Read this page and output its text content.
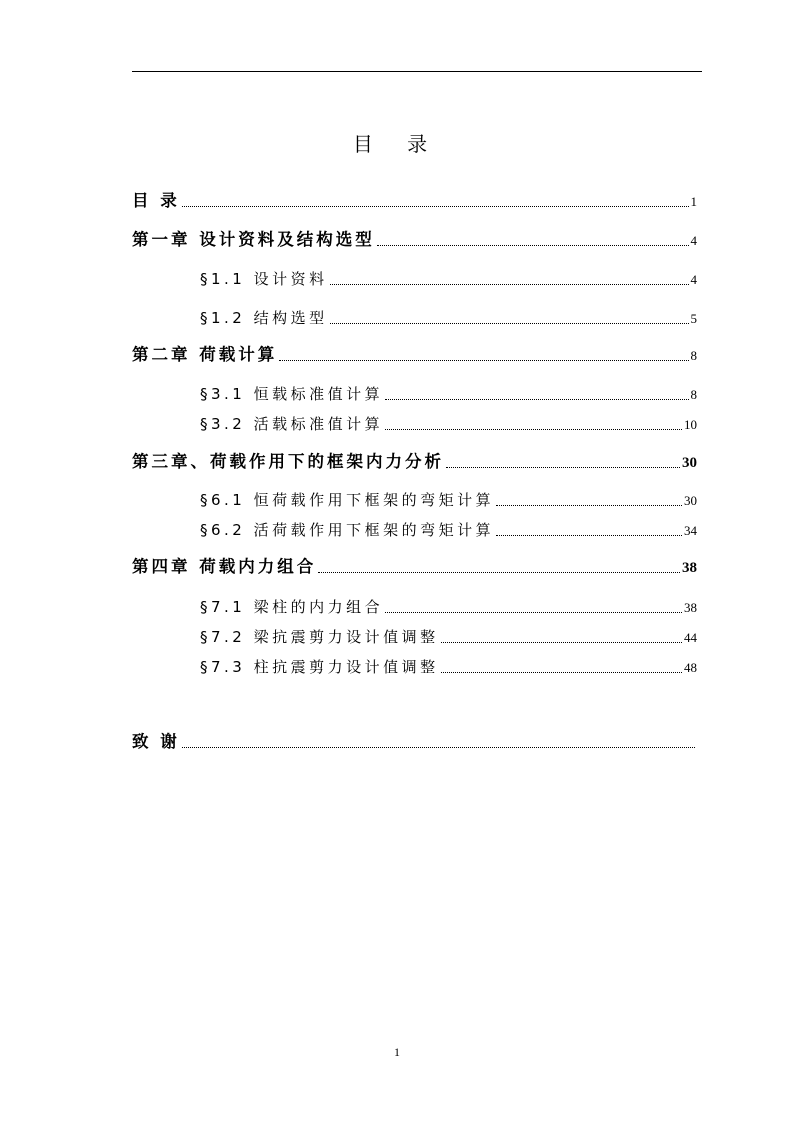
目 录
目 录	1
第一章 设计资料及结构选型	4
§1.1 设计资料	4
§1.2 结构选型	5
第二章 荷载计算	8
§3.1 恒载标准值计算	8
§3.2 活载标准值计算	10
第三章、荷载作用下的框架内力分析	30
§6.1 恒荷载作用下框架的弯矩计算	30
§6.2 活荷载作用下框架的弯矩计算	34
第四章 荷载内力组合	38
§7.1 梁柱的内力组合	38
§7.2 梁抗震剪力设计值调整	44
§7.3 柱抗震剪力设计值调整	48
致 谢
1
